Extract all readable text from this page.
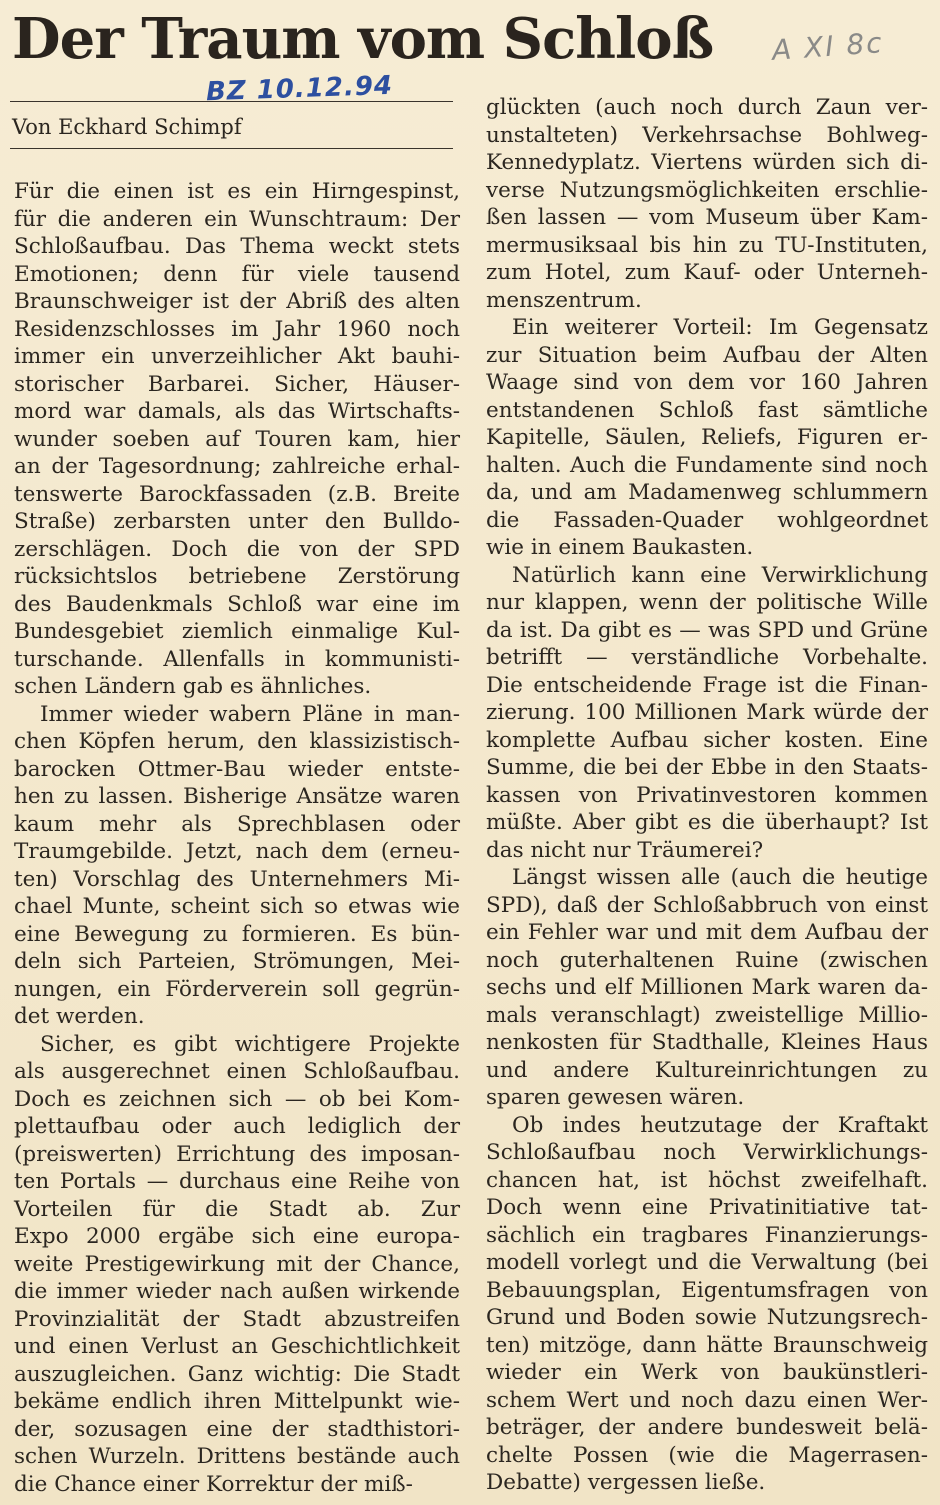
Der Traum vom Schloß A XI 8c
BZ 10.12.94
Von Eckhard Schimpf

Für die einen ist es ein Hirngespinst,
für die anderen ein Wunschtraum: Der
Schloßaufbau. Das Thema weckt stets
Emotionen; denn für viele tausend
Braunschweiger ist der Abriß des alten
Residenzschlosses im Jahr 1960 noch
immer ein unverzeihlicher Akt bauhi-
storischer Barbarei. Sicher, Häuser-
mord war damals, als das Wirtschafts-
wunder soeben auf Touren kam, hier
an der Tagesordnung; zahlreiche erhal-
tenswerte Barockfassaden (z.B. Breite
Straße) zerbarsten unter den Bulldo-
zerschlägen. Doch die von der SPD
rücksichtslos betriebene Zerstörung
des Baudenkmals Schloß war eine im
Bundesgebiet ziemlich einmalige Kul-
turschande. Allenfalls in kommunisti-
schen Ländern gab es ähnliches.

Immer wieder wabern Pläne in man-
chen Köpfen herum, den klassizistisch-
barocken Ottmer-Bau wieder entste-
hen zu lassen. Bisherige Ansätze waren
kaum mehr als Sprechblasen oder
Traumgebilde. Jetzt, nach dem (erneu-
ten) Vorschlag des Unternehmers Mi-
chael Munte, scheint sich so etwas wie
eine Bewegung zu formieren. Es bün-
deln sich Parteien, Strömungen, Mei-
nungen, ein Förderverein soll gegrün-
det werden.

Sicher, es gibt wichtigere Projekte
als ausgerechnet einen Schloßaufbau.
Doch es zeichnen sich — ob bei Kom-
plettaufbau oder auch lediglich der
(preiswerten) Errichtung des imposan-
ten Portals — durchaus eine Reihe von
Vorteilen für die Stadt ab. Zur
Expo 2000 ergäbe sich eine europa-
weite Prestigewirkung mit der Chance,
die immer wieder nach außen wirkende
Provinzialität der Stadt abzustreifen
und einen Verlust an Geschichtlichkeit
auszugleichen. Ganz wichtig: Die Stadt
bekäme endlich ihren Mittelpunkt wie-
der, sozusagen eine der stadthistori-
schen Wurzeln. Drittens bestände auch
die Chance einer Korrektur der miß-

glückten (auch noch durch Zaun ver-
unstalteten) Verkehrsachse Bohlweg-
Kennedyplatz. Viertens würden sich di-
verse Nutzungsmöglichkeiten erschlie-
ßen lassen — vom Museum über Kam-
mermusiksaal bis hin zu TU-Instituten,
zum Hotel, zum Kauf- oder Unterneh-
menszentrum.

Ein weiterer Vorteil: Im Gegensatz
zur Situation beim Aufbau der Alten
Waage sind von dem vor 160 Jahren
entstandenen Schloß fast sämtliche
Kapitelle, Säulen, Reliefs, Figuren er-
halten. Auch die Fundamente sind noch
da, und am Madamenweg schlummern
die Fassaden-Quader wohlgeordnet
wie in einem Baukasten.

Natürlich kann eine Verwirklichung
nur klappen, wenn der politische Wille
da ist. Da gibt es — was SPD und Grüne
betrifft — verständliche Vorbehalte.
Die entscheidende Frage ist die Finan-
zierung. 100 Millionen Mark würde der
komplette Aufbau sicher kosten. Eine
Summe, die bei der Ebbe in den Staats-
kassen von Privatinvestoren kommen
müßte. Aber gibt es die überhaupt? Ist
das nicht nur Träumerei?

Längst wissen alle (auch die heutige
SPD), daß der Schloßabbruch von einst
ein Fehler war und mit dem Aufbau der
noch guterhaltenen Ruine (zwischen
sechs und elf Millionen Mark waren da-
mals veranschlagt) zweistellige Millio-
nenkosten für Stadthalle, Kleines Haus
und andere Kultureinrichtungen zu
sparen gewesen wären.

Ob indes heutzutage der Kraftakt
Schloßaufbau noch Verwirklichungs-
chancen hat, ist höchst zweifelhaft.
Doch wenn eine Privatinitiative tat-
sächlich ein tragbares Finanzierungs-
modell vorlegt und die Verwaltung (bei
Bebauungsplan, Eigentumsfragen von
Grund und Boden sowie Nutzungsrech-
ten) mitzöge, dann hätte Braunschweig
wieder ein Werk von baukünstleri-
schem Wert und noch dazu einen Wer-
beträger, der andere bundesweit belä-
chelte Possen (wie die Magerrasen-
Debatte) vergessen ließe.
